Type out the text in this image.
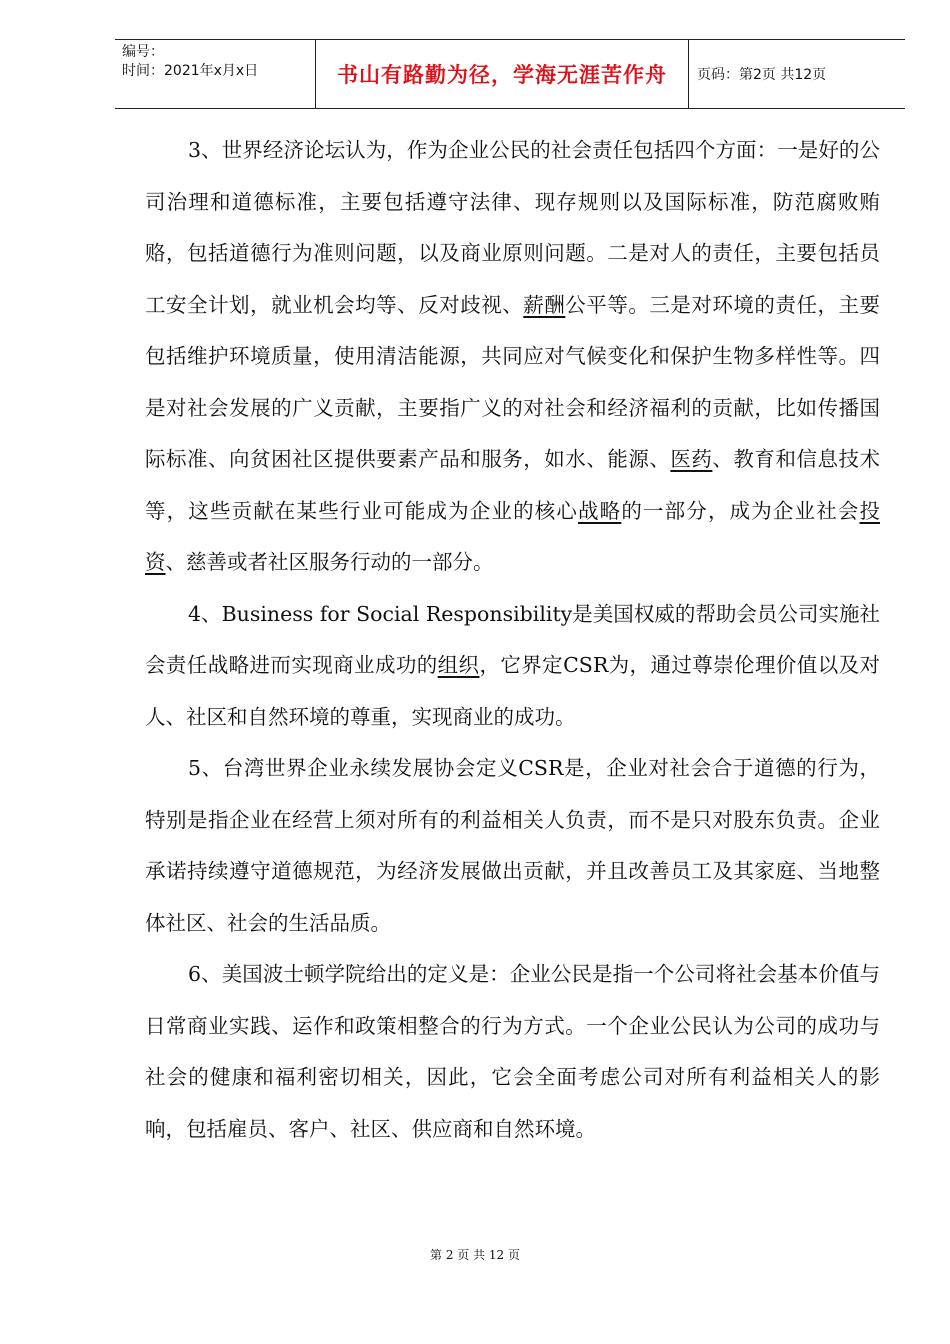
编号：
时间：2021年x月x日	书山有路勤为径，学海无涯苦作舟	页码：第2页 共12页

3、世界经济论坛认为，作为企业公民的社会责任包括四个方面：一是好的公司治理和道德标准，主要包括遵守法律、现存规则以及国际标准，防范腐败贿赂，包括道德行为准则问题，以及商业原则问题。二是对人的责任，主要包括员工安全计划，就业机会均等、反对歧视、薪酬公平等。三是对环境的责任，主要包括维护环境质量，使用清洁能源，共同应对气候变化和保护生物多样性等。四是对社会发展的广义贡献，主要指广义的对社会和经济福利的贡献，比如传播国际标准、向贫困社区提供要素产品和服务，如水、能源、医药、教育和信息技术等，这些贡献在某些行业可能成为企业的核心战略的一部分，成为企业社会投资、慈善或者社区服务行动的一部分。

4、Business for Social Responsibility是美国权威的帮助会员公司实施社会责任战略进而实现商业成功的组织，它界定CSR为，通过尊崇伦理价值以及对人、社区和自然环境的尊重，实现商业的成功。

5、台湾世界企业永续发展协会定义CSR是，企业对社会合于道德的行为，特别是指企业在经营上须对所有的利益相关人负责，而不是只对股东负责。企业承诺持续遵守道德规范，为经济发展做出贡献，并且改善员工及其家庭、当地整体社区、社会的生活品质。

6、美国波士顿学院给出的定义是：企业公民是指一个公司将社会基本价值与日常商业实践、运作和政策相整合的行为方式。一个企业公民认为公司的成功与社会的健康和福利密切相关，因此，它会全面考虑公司对所有利益相关人的影响，包括雇员、客户、社区、供应商和自然环境。

第 2 页 共 12 页
